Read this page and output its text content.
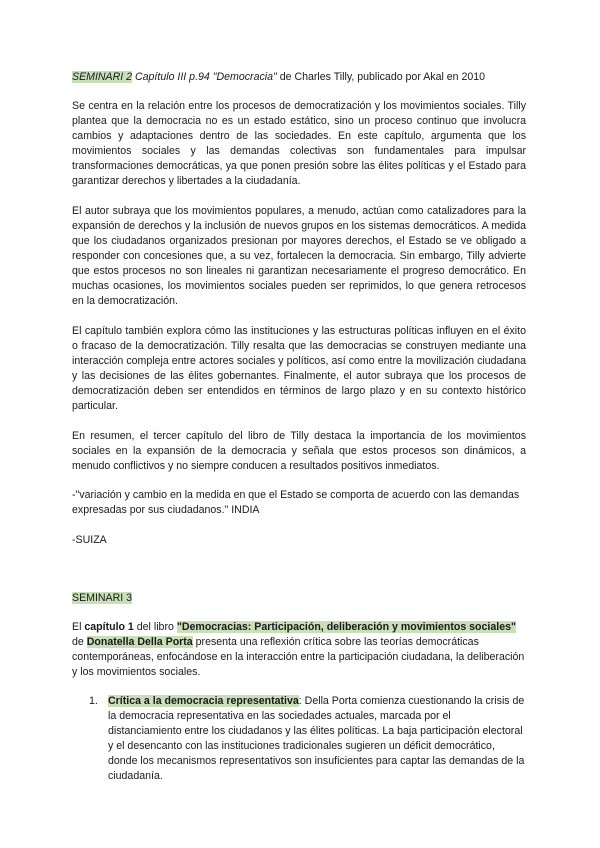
SEMINARI 2 Capítulo III p.94 "Democracia" de Charles Tilly, publicado por Akal en 2010

Se centra en la relación entre los procesos de democratización y los movimientos sociales. Tilly plantea que la democracia no es un estado estático, sino un proceso continuo que involucra cambios y adaptaciones dentro de las sociedades. En este capítulo, argumenta que los movimientos sociales y las demandas colectivas son fundamentales para impulsar transformaciones democráticas, ya que ponen presión sobre las élites políticas y el Estado para garantizar derechos y libertades a la ciudadanía.

El autor subraya que los movimientos populares, a menudo, actúan como catalizadores para la expansión de derechos y la inclusión de nuevos grupos en los sistemas democráticos. A medida que los ciudadanos organizados presionan por mayores derechos, el Estado se ve obligado a responder con concesiones que, a su vez, fortalecen la democracia. Sin embargo, Tilly advierte que estos procesos no son lineales ni garantizan necesariamente el progreso democrático. En muchas ocasiones, los movimientos sociales pueden ser reprimidos, lo que genera retrocesos en la democratización.

El capítulo también explora cómo las instituciones y las estructuras políticas influyen en el éxito o fracaso de la democratización. Tilly resalta que las democracias se construyen mediante una interacción compleja entre actores sociales y políticos, así como entre la movilización ciudadana y las decisiones de las élites gobernantes. Finalmente, el autor subraya que los procesos de democratización deben ser entendidos en términos de largo plazo y en su contexto histórico particular.

En resumen, el tercer capítulo del libro de Tilly destaca la importancia de los movimientos sociales en la expansión de la democracia y señala que estos procesos son dinámicos, a menudo conflictivos y no siempre conducen a resultados positivos inmediatos.

-"variación y cambio en la medida en que el Estado se comporta de acuerdo con las demandas expresadas por sus ciudadanos." INDIA

-SUIZA

SEMINARI 3

El capítulo 1 del libro "Democracias: Participación, deliberación y movimientos sociales" de Donatella Della Porta presenta una reflexión crítica sobre las teorías democráticas contemporáneas, enfocándose en la interacción entre la participación ciudadana, la deliberación y los movimientos sociales.

1. Crítica a la democracia representativa: Della Porta comienza cuestionando la crisis de la democracia representativa en las sociedades actuales, marcada por el distanciamiento entre los ciudadanos y las élites políticas. La baja participación electoral y el desencanto con las instituciones tradicionales sugieren un déficit democrático, donde los mecanismos representativos son insuficientes para captar las demandas de la ciudadanía.
